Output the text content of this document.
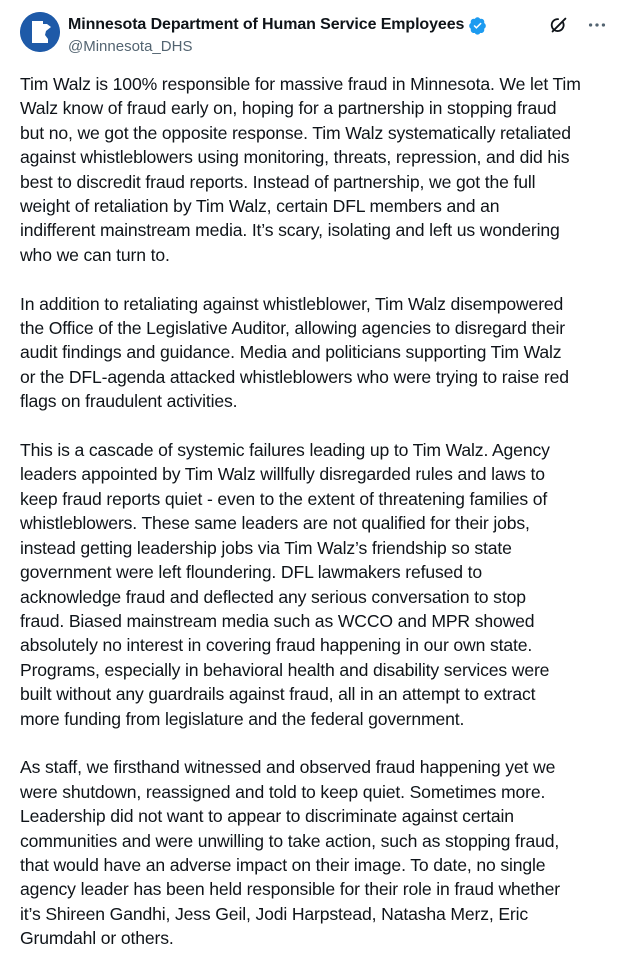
Minnesota Department of Human Service Employees
@Minnesota_DHS

Tim Walz is 100% responsible for massive fraud in Minnesota. We let Tim
Walz know of fraud early on, hoping for a partnership in stopping fraud
but no, we got the opposite response. Tim Walz systematically retaliated
against whistleblowers using monitoring, threats, repression, and did his
best to discredit fraud reports. Instead of partnership, we got the full
weight of retaliation by Tim Walz, certain DFL members and an
indifferent mainstream media. It’s scary, isolating and left us wondering
who we can turn to.

In addition to retaliating against whistleblower, Tim Walz disempowered
the Office of the Legislative Auditor, allowing agencies to disregard their
audit findings and guidance. Media and politicians supporting Tim Walz
or the DFL-agenda attacked whistleblowers who were trying to raise red
flags on fraudulent activities.

This is a cascade of systemic failures leading up to Tim Walz. Agency
leaders appointed by Tim Walz willfully disregarded rules and laws to
keep fraud reports quiet - even to the extent of threatening families of
whistleblowers. These same leaders are not qualified for their jobs,
instead getting leadership jobs via Tim Walz’s friendship so state
government were left floundering. DFL lawmakers refused to
acknowledge fraud and deflected any serious conversation to stop
fraud. Biased mainstream media such as WCCO and MPR showed
absolutely no interest in covering fraud happening in our own state.
Programs, especially in behavioral health and disability services were
built without any guardrails against fraud, all in an attempt to extract
more funding from legislature and the federal government.

As staff, we firsthand witnessed and observed fraud happening yet we
were shutdown, reassigned and told to keep quiet. Sometimes more.
Leadership did not want to appear to discriminate against certain
communities and were unwilling to take action, such as stopping fraud,
that would have an adverse impact on their image. To date, no single
agency leader has been held responsible for their role in fraud whether
it’s Shireen Gandhi, Jess Geil, Jodi Harpstead, Natasha Merz, Eric
Grumdahl or others.
